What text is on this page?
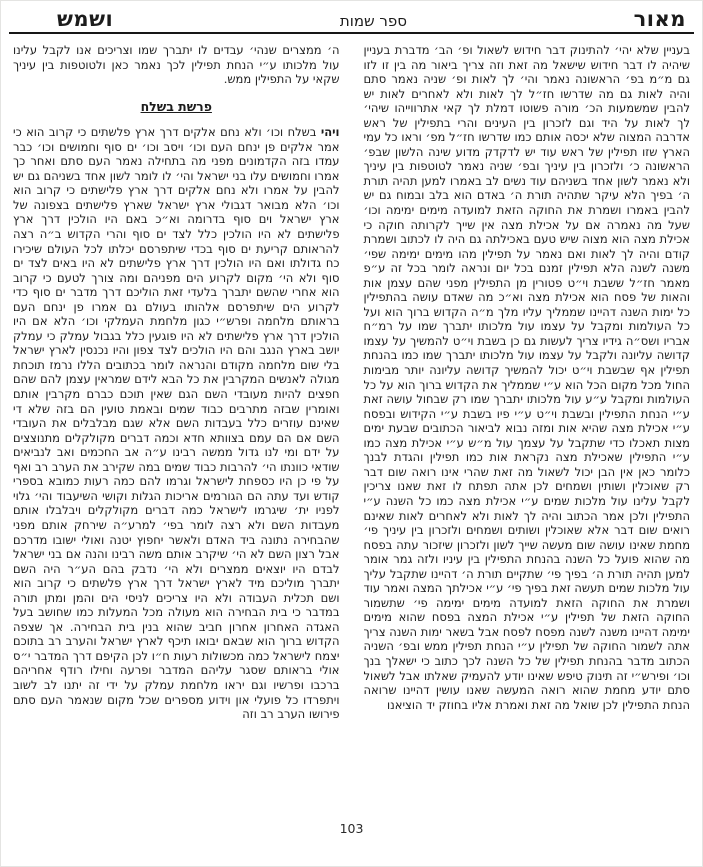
מאור
ספר שמות
ושמש

בעניין שלא יהי׳ להתינוק דבר חידוש לשאול ופ׳ הב׳ מדברת בעניין שיהיה לו דבר חידוש שישאל מה זאת וזה צריך ביאור מה בין זו לזו גם מ״מ בפ׳ הראשונה נאמר והי׳ לך לאות ופ׳ שניה נאמר סתם והיה לאות גם מה שדרשו חז״ל לך לאות ולא לאחרים לאות יש להבין שמשמעות הכ׳ מורה פשוטו דמלת לך קאי אתרווייהו שיהי׳ לך לאות על היד וגם לזכרון בין העינים והרי בתפילין של ראש אדרבה המצוה שלא יכסה אותם כמו שדרשו חז״ל מפ׳ וראו כל עמי הארץ שזו תפילין של ראש עוד יש לדקדק מדוע שינה הלשון שבפ׳ הראשונה כ׳ ולזכרון בין עיניך ובפ׳ שניה נאמר לטוטפות בין עיניך ולא נאמר לשון אחד בשניהם עוד נשים לב באמרו למען תהיה תורת ה׳ בפיך הלא עיקר שתהיה תורת ה׳ באדם הוא בלב ובמוח גם יש להבין באמרו ושמרת את החוקה הזאת למועדה מימים ימימה וכו׳ שעל מה נאמרה אם על אכילת מצה אין שייך לקרותה חוקה כי אכילת מצה הוא מצוה שיש טעם באכילתה גם היה לו לכתוב ושמרת קודם והיה לך לאות ואם נאמר על תפילין מהו מימים ימימה שפי׳ משנה לשנה הלא תפילין זמנם בכל יום ונראה לומר בכל זה ע״פ מאמר חז״ל ששבת וי״ט פטורין מן התפילין מפני שהם עצמן אות והאות של פסח הוא אכילת מצה וא״כ מה שאדם עושה בהתפילין כל ימות השנה דהיינו שממליך עליו מלך מ״ה הקדוש ברוך הוא ועל כל העולמות ומקבל על עצמו עול מלכותו יתברך שמו על רמ״ח אבריו ושס״ה גידיו צריך לעשות גם כן בשבת וי״ט להמשיך על עצמו קדושה עליונה ולקבל על עצמו עול מלכותו יתברך שמו כמו בהנחת תפילין אף שבשבת וי״ט יכול להמשיך קדושה עליונה יותר מבימות החול מכל מקום הכל הוא ע״י שממליך את הקדוש ברוך הוא על כל העולמות ומקבל ע״ע עול מלכותו יתברך שמו רק שבחול עושה זאת ע״י הנחת התפילין ובשבת וי״ט ע״י פיו בשבת ע״י הקידוש ובפסח ע״י אכילת מצה שהיא אות ומזה נבוא לביאור הכתובים שבעת ימים מצות תאכלו כדי שתקבל על עצמך עול מ״ש ע״י אכילת מצה כמו ע״י התפילין שאכילת מצה נקראת אות כמו תפילין והגדת לבנך כלומר כאן אין הבן יכול לשאול מה זאת שהרי אינו רואה שום דבר רק שאוכלין ושותין ושמחים לכן אתה תפתח לו זאת שאנו צריכין לקבל עלינו עול מלכות שמים ע״י אכילת מצה כמו כל השנה ע״י התפילין ולכן אמר הכתוב והיה לך לאות ולא לאחרים לאות שאינם רואים שום דבר אלא שאוכלין ושותים ושמחים ולזכרון בין עיניך פי׳ מחמת שאינו עושה שום מעשה שייך לשון ולזכרון שיזכור עתה בפסח מה שהוא פועל כל השנה בהנחת התפילין בין עיניו ולזה גמר אומר למען תהיה תורת ה׳ בפיך פי׳ שתקיים תורת ה׳ דהיינו שתקבל עליך עול מלכות שמים תעשה זאת בפיך פי׳ ע״י אכילתך המצה ואמר עוד ושמרת את החוקה הזאת למועדה מימים ימימה פי׳ שתשמור החוקה הזאת של תפילין ע״י אכילת המצה בפסח שהוא מימים ימימה דהיינו משנה לשנה מפסח לפסח אבל בשאר ימות השנה צריך אתה לשמור החוקה של תפילין ע״י הנחת תפילין ממש ובפ׳ השניה הכתוב מדבר בהנחת תפילין של כל השנה לכך כתוב כי ישאלך בנך וכו׳ ופירש״י זה תינוק טיפש שאינו יודע להעמיק שאלתו אבל לשאול סתם יודע מחמת שהוא רואה המעשה שאנו עושין דהיינו שרואה הנחת התפילין לכן שואל מה זאת ואמרת אליו בחוזק יד הוציאנו

ה׳ ממצרים שנהי׳ עבדים לו יתברך שמו וצריכים אנו לקבל עלינו עול מלכותו ע״י הנחת תפילין לכך נאמר כאן ולטוטפות בין עיניך שקאי על התפילין ממש.

פרשת בשלח

ויהי בשלח וכו׳ ולא נחם אלקים דרך ארץ פלשתים כי קרוב הוא כי אמר אלקים פן ינחם העם וכו׳ ויסב וכו׳ ים סוף וחמושים וכו׳ כבר עמדו בזה הקדמונים מפני מה בתחילה נאמר העם סתם ואחר כך אמרו וחמושים עלו בני ישראל והי׳ לו לומר לשון אחד בשניהם גם יש להבין על אמרו ולא נחם אלקים דרך ארץ פלישתים כי קרוב הוא וכו׳ הלא מבואר דגבולי ארץ ישראל שארץ פלישתים בצפונה של ארץ ישראל וים סוף בדרומה וא״כ באם היו הולכין דרך ארץ פלישתים לא היו הולכין כלל לצד ים סוף והרי הקדוש ב״ה רצה להראותם קריעת ים סוף בכדי שיתפרסם יכלתו לכל העולם שיכירו כח גדולתו ואם היו הולכין דרך ארץ פלישתים לא היו באים לצד ים סוף ולא הי׳ מקום לקרוע הים מפניהם ומה צורך לטעם כי קרוב הוא אחרי שהשם יתברך בלעדי זאת הוליכם דרך מדבר ים סוף כדי לקרוע הים שיתפרסם אלהותו בעולם גם אמרו פן ינחם העם בראותם מלחמה ופרש״י כגון מלחמת העמלקי וכו׳ הלא אם היו הולכין דרך ארץ פלישתים לא היו פוגעין כלל בגבול עמלק כי עמלק יושב בארץ הנגב והם היו הולכים לצד צפון והיו נכנסין לארץ ישראל בלי שום מלחמה מקודם והנראה לומר בכתובים הללו נרמז תוכחת מגולה לאנשים המקרבין את כל הבא לידם שמראין עצמן להם שהם חפצים להיות מעובדי השם הגם שאין תוכם כברם מקרבין אותם ואומרין שבזה מתרבים כבוד שמים ובאמת טועין הם בזה שלא די שאינם עוזרים כלל בעבדות השם אלא שגם מבלבלים את העובדי השם אם הם עמם בצוותא חדא וכמה דברים מקולקלים מתנוצצים על ידם ומי לנו גדול ממשה רבינו ע״ה אב החכמים ואב לנביאים שודאי כוונתו הי׳ להרבות כבוד שמים במה שקירב את הערב רב ואף על פי כן היו כספחת לישראל וגרמו להם כמה רעות כמובא בספרי קודש ועד עתה הם הגורמים אריכות הגלות וקושי השיעבוד והי׳ גלוי לפניו ית׳ שיגרמו לישראל כמה דברים מקולקלים ויבלבלו אותם מעבדות השם ולא רצה לומר בפי׳ למרע״ה שירחק אותם מפני שהבחירה נתונה ביד האדם ולאשר יחפוץ יטנה ואולי ישובו מדרכם אבל רצון השם לא הי׳ שיקרב אותם משה רבינו והנה אם בני ישראל לבדם היו יוצאים ממצרים ולא הי׳ נדבק בהם הע״ר היה השם יתברך מוליכם מיד לארץ ישראל דרך ארץ פלשתים כי קרוב הוא ושם תכלית העבודה ולא היו צריכים לניסי הים והמן ומתן תורה במדבר כי בית הבחירה הוא מעולה מכל המעלות כמו שחושב בעל האגדה האחרון אחרון חביב שהוא בנין בית הבחירה. אך שצפה הקדוש ברוך הוא שבאם יבואו תיכף לארץ ישראל והערב רב בתוכם יצמח לישראל כמה מכשולות רעות ח״ו לכן הקיפם דרך המדבר י״ס אולי בראותם שסגר עליהם המדבר ופרעה וחילו רודף אחריהם ברכבו ופרשיו וגם יראו מלחמת עמלק על ידי זה יתנו לב לשוב ויתפרדו כל פועלי און וידוע מספרים שכל מקום שנאמר העם סתם פירושו הערב רב וזה

103
